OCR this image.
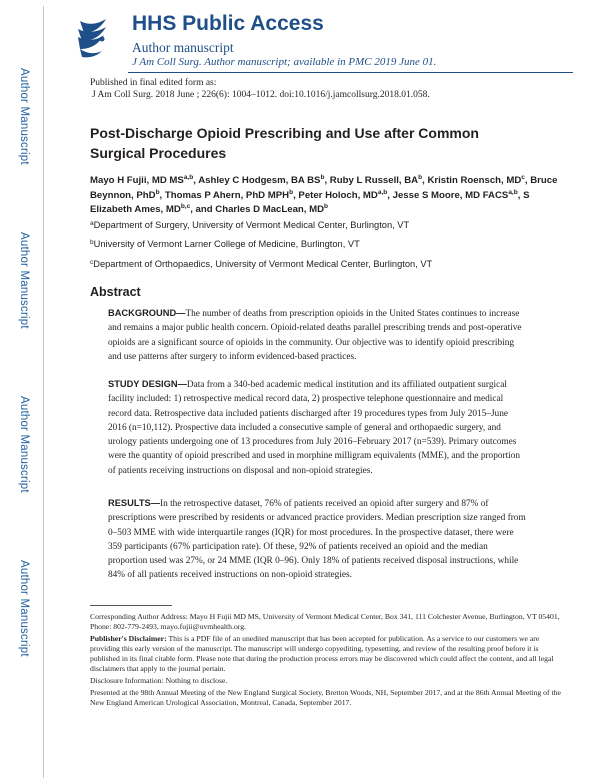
Author Manuscript
Author Manuscript
Author Manuscript
Author Manuscript
HHS Public Access
Author manuscript
J Am Coll Surg. Author manuscript; available in PMC 2019 June 01.
Published in final edited form as:
J Am Coll Surg. 2018 June ; 226(6): 1004–1012. doi:10.1016/j.jamcollsurg.2018.01.058.
Post-Discharge Opioid Prescribing and Use after Common
Surgical Procedures
Mayo H Fujii, MD MS$^{a,b}$, Ashley C Hodgesm, BA $BS^b$, Ruby L Russell, $BA^b$, Kristin Roensch, $MD^c$, Bruce Beynnon, PhD$^b$, Thomas P Ahern, PhD MPH$^b$, Peter Holoch, MD$^{a,b}$, Jesse S Moore, MD FACS$^{a,b}$, S Elizabeth Ames, MD$^{b,c}$, and Charles D MacLean, $MD^b$
$^a$Department of Surgery, University of Vermont Medical Center, Burlington, VT
$^b$University of Vermont Larner College of Medicine, Burlington, VT
$^c$Department of Orthopaedics, University of Vermont Medical Center, Burlington, VT
Abstract
BACKGROUND—The number of deaths from prescription opioids in the United States continues to increase and remains a major public health concern. Opioid-related deaths parallel prescribing trends and post-operative opioids are a significant source of opioids in the community. Our objective was to identify opioid prescribing and use patterns after surgery to inform evidenced-based practices.
STUDY DESIGN—Data from a 340-bed academic medical institution and its affiliated outpatient surgical facility included: 1) retrospective medical record data, 2) prospective telephone questionnaire and medical record data. Retrospective data included patients discharged after 19 procedures types from July 2015–June 2016 (n=10,112). Prospective data included a consecutive sample of general and orthopaedic surgery, and urology patients undergoing one of 13 procedures from July 2016–February 2017 (n=539). Primary outcomes were the quantity of opioid prescribed and used in morphine milligram equivalents (MME), and the proportion of patients receiving instructions on disposal and non-opioid strategies.
RESULTS—In the retrospective dataset, 76% of patients received an opioid after surgery and 87% of prescriptions were prescribed by residents or advanced practice providers. Median prescription size ranged from 0–503 MME with wide interquartile ranges (IQR) for most procedures. In the prospective dataset, there were 359 participants (67% participation rate). Of these, 92% of patients received an opioid and the median proportion used was 27%, or 24 MME (IQR 0–96). Only 18% of patients received disposal instructions, while 84% of all patients received instructions on non-opioid strategies.
Corresponding Author Address: Mayo H Fujii MD MS, University of Vermont Medical Center, Box 341, 111 Colchester Avenue, Burlington, VT 05401, Phone: 802-779-2493, mayo.fujii@uvmhealth.org.
Publisher's Disclaimer: This is a PDF file of an unedited manuscript that has been accepted for publication. As a service to our customers we are providing this early version of the manuscript. The manuscript will undergo copyediting, typesetting, and review of the resulting proof before it is published in its final citable form. Please note that during the production process errors may be discovered which could affect the content, and all legal disclaimers that apply to the journal pertain.
Disclosure Information: Nothing to disclose.
Presented at the 98th Annual Meeting of the New England Surgical Society, Bretton Woods, NH, September 2017, and at the 86th Annual Meeting of the New England American Urological Association, Montreal, Canada, September 2017.
